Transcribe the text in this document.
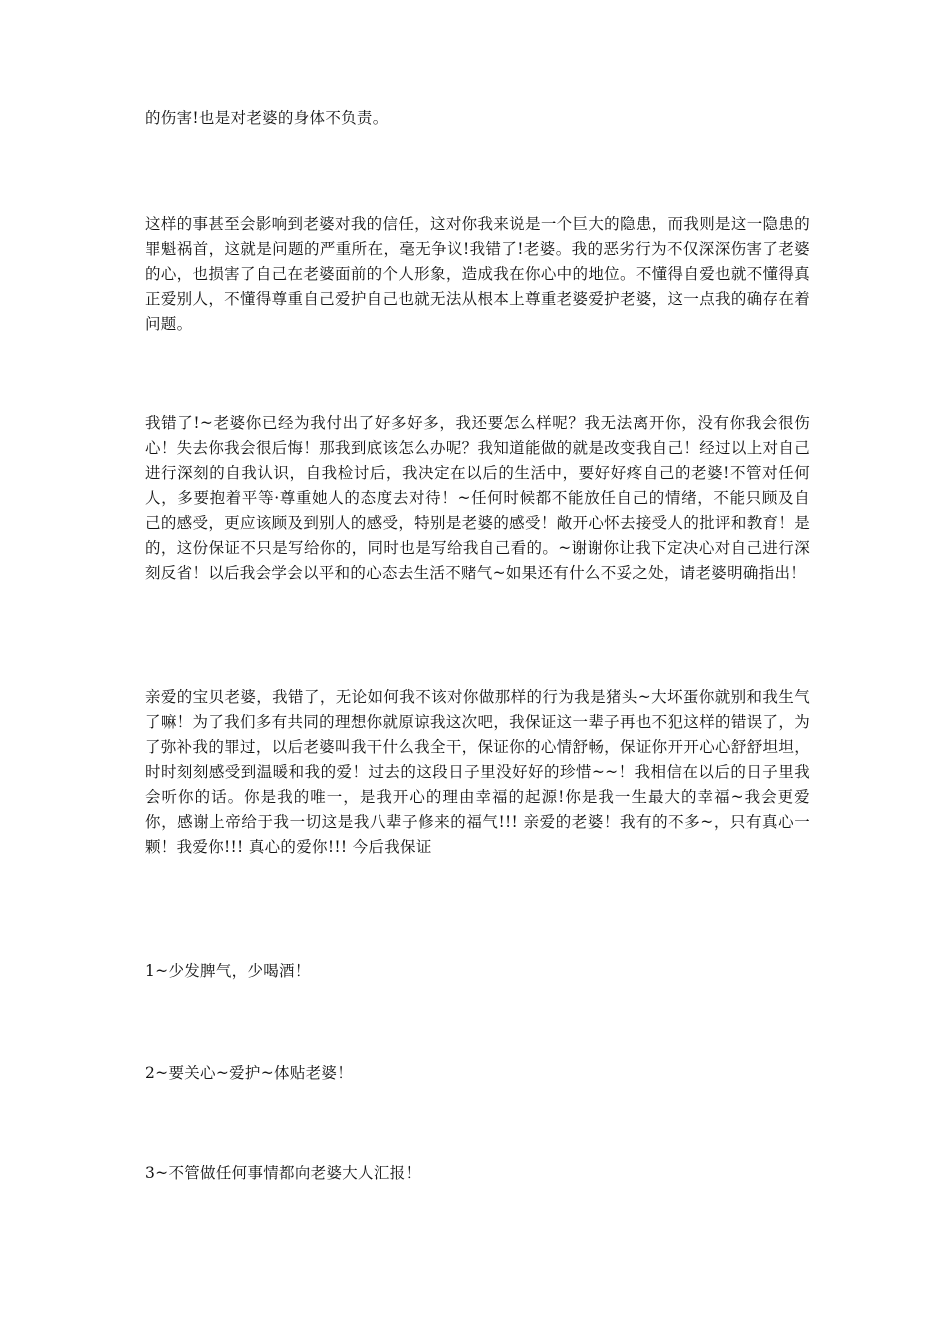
的伤害!也是对老婆的身体不负责。

这样的事甚至会影响到老婆对我的信任，这对你我来说是一个巨大的隐患，而我则是这一隐患的罪魁祸首，这就是问题的严重所在，毫无争议!我错了!老婆。我的恶劣行为不仅深深伤害了老婆的心，也损害了自己在老婆面前的个人形象，造成我在你心中的地位。不懂得自爱也就不懂得真正爱别人，不懂得尊重自己爱护自己也就无法从根本上尊重老婆爱护老婆，这一点我的确存在着问题。

我错了!~老婆你已经为我付出了好多好多，我还要怎么样呢？我无法离开你，没有你我会很伤心！失去你我会很后悔！那我到底该怎么办呢？我知道能做的就是改变我自己！经过以上对自己进行深刻的自我认识，自我检讨后，我决定在以后的生活中，要好好疼自己的老婆!不管对任何人，多要抱着平等·尊重她人的态度去对待！~任何时候都不能放任自己的情绪，不能只顾及自己的感受，更应该顾及到别人的感受，特别是老婆的感受！敞开心怀去接受人的批评和教育！是的，这份保证不只是写给你的，同时也是写给我自己看的。~谢谢你让我下定决心对自己进行深刻反省！以后我会学会以平和的心态去生活不赌气~如果还有什么不妥之处，请老婆明确指出！

亲爱的宝贝老婆，我错了，无论如何我不该对你做那样的行为我是猪头~大坏蛋你就别和我生气了嘛！为了我们多有共同的理想你就原谅我这次吧，我保证这一辈子再也不犯这样的错误了，为了弥补我的罪过，以后老婆叫我干什么我全干，保证你的心情舒畅，保证你开开心心舒舒坦坦，时时刻刻感受到温暖和我的爱！过去的这段日子里没好好的珍惜~~！我相信在以后的日子里我会听你的话。你是我的唯一，是我开心的理由幸福的起源!你是我一生最大的幸福~我会更爱你，感谢上帝给于我一切这是我八辈子修来的福气!!! 亲爱的老婆！我有的不多~，只有真心一颗！我爱你!!! 真心的爱你!!! 今后我保证

1~少发脾气，少喝酒！

2~要关心~爱护~体贴老婆！

3~不管做任何事情都向老婆大人汇报！
